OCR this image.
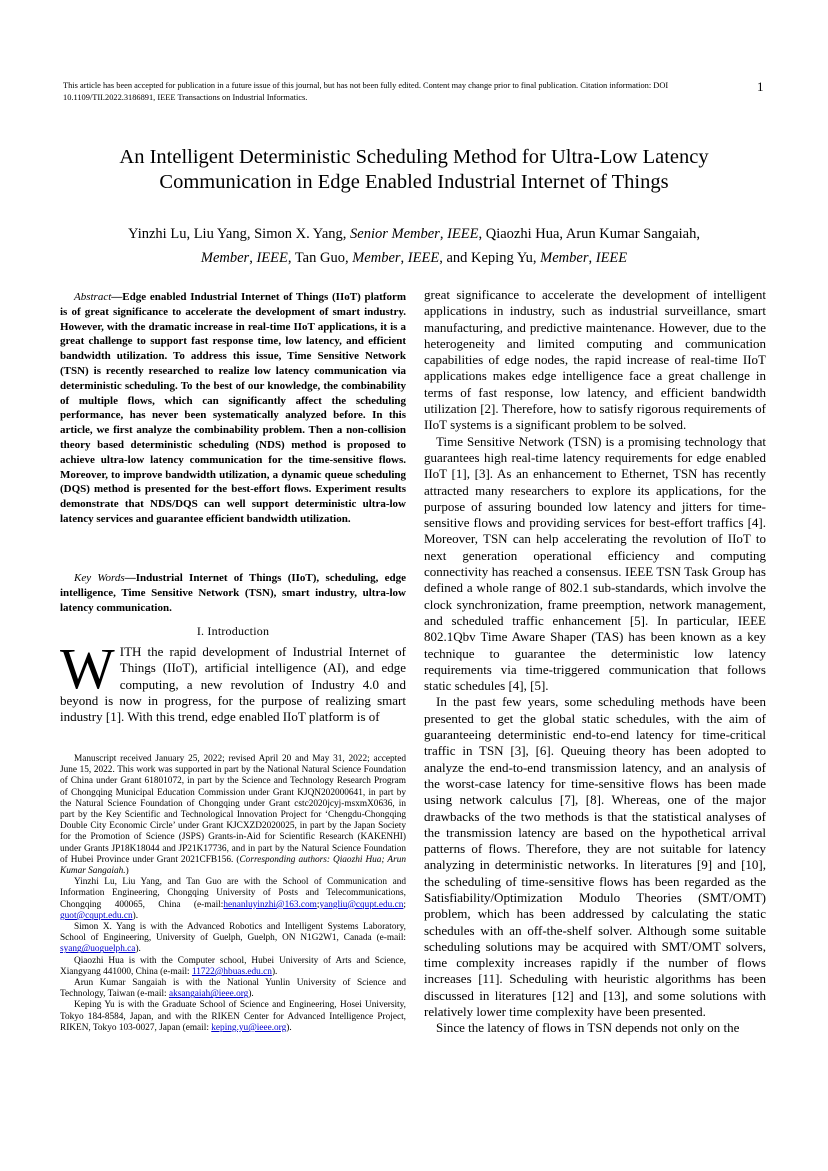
This article has been accepted for publication in a future issue of this journal, but has not been fully edited. Content may change prior to final publication. Citation information: DOI 10.1109/TII.2022.3186891, IEEE Transactions on Industrial Informatics.
1
An Intelligent Deterministic Scheduling Method for Ultra-Low Latency
Communication in Edge Enabled Industrial Internet of Things
Yinzhi Lu, Liu Yang, Simon X. Yang, Senior Member, IEEE, Qiaozhi Hua, Arun Kumar Sangaiah,
Member, IEEE, Tan Guo, Member, IEEE, and Keping Yu, Member, IEEE
Abstract—Edge enabled Industrial Internet of Things (IIoT) platform is of great significance to accelerate the development of smart industry. However, with the dramatic increase in real-time IIoT applications, it is a great challenge to support fast response time, low latency, and efficient bandwidth utilization. To address this issue, Time Sensitive Network (TSN) is recently researched to realize low latency communication via deterministic scheduling. To the best of our knowledge, the combinability of multiple flows, which can significantly affect the scheduling performance, has never been systematically analyzed before. In this article, we first analyze the combinability problem. Then a non-collision theory based deterministic scheduling (NDS) method is proposed to achieve ultra-low latency communication for the time-sensitive flows. Moreover, to improve bandwidth utilization, a dynamic queue scheduling (DQS) method is presented for the best-effort flows. Experiment results demonstrate that NDS/DQS can well support deterministic ultra-low latency services and guarantee efficient bandwidth utilization.
Key Words—Industrial Internet of Things (IIoT), scheduling, edge intelligence, Time Sensitive Network (TSN), smart industry, ultra-low latency communication.
I. Introduction
WITH the rapid development of Industrial Internet of Things (IIoT), artificial intelligence (AI), and edge computing, a new revolution of Industry 4.0 and beyond is now in progress, for the purpose of realizing smart industry [1]. With this trend, edge enabled IIoT platform is of

Manuscript received January 25, 2022; revised April 20 and May 31, 2022; accepted June 15, 2022. This work was supported in part by the National Natural Science Foundation of China under Grant 61801072, in part by the Science and Technology Research Program of Chongqing Municipal Education Commission under Grant KJQN202000641, in part by the Natural Science Foundation of Chongqing under Grant cstc2020jcyj-msxmX0636, in part by the Key Scientific and Technological Innovation Project for ‘Chengdu-Chongqing Double City Economic Circle’ under Grant KJCXZD2020025, in part by the Japan Society for the Promotion of Science (JSPS) Grants-in-Aid for Scientific Research (KAKENHI) under Grants JP18K18044 and JP21K17736, and in part by the Natural Science Foundation of Hubei Province under Grant 2021CFB156. (Corresponding authors: Qiaozhi Hua; Arun Kumar Sangaiah.)

Yinzhi Lu, Liu Yang, and Tan Guo are with the School of Communication and Information Engineering, Chongqing University of Posts and Telecommunications, Chongqing 400065, China (e-mail:henanluyinzhi@163.com;yangliu@cqupt.edu.cn; guot@cqupt.edu.cn).

Simon X. Yang is with the Advanced Robotics and Intelligent Systems Laboratory, School of Engineering, University of Guelph, Guelph, ON N1G2W1, Canada (e-mail: syang@uoguelph.ca).

Qiaozhi Hua is with the Computer school, Hubei University of Arts and Science, Xiangyang 441000, China (e-mail: 11722@hbuas.edu.cn).

Arun Kumar Sangaiah is with the National Yunlin University of Science and Technology, Taiwan (e-mail: aksangaiah@ieee.org).

Keping Yu is with the Graduate School of Science and Engineering, Hosei University, Tokyo 184-8584, Japan, and with the RIKEN Center for Advanced Intelligence Project, RIKEN, Tokyo 103-0027, Japan (email: keping.yu@ieee.org).

great significance to accelerate the development of intelligent applications in industry, such as industrial surveillance, smart manufacturing, and predictive maintenance. However, due to the heterogeneity and limited computing and communication capabilities of edge nodes, the rapid increase of real-time IIoT applications makes edge intelligence face a great challenge in terms of fast response, low latency, and efficient bandwidth utilization [2]. Therefore, how to satisfy rigorous requirements of IIoT systems is a significant problem to be solved.

Time Sensitive Network (TSN) is a promising technology that guarantees high real-time latency requirements for edge enabled IIoT [1], [3]. As an enhancement to Ethernet, TSN has recently attracted many researchers to explore its applications, for the purpose of assuring bounded low latency and jitters for time-sensitive flows and providing services for best-effort traffics [4]. Moreover, TSN can help accelerating the revolution of IIoT to next generation operational efficiency and computing connectivity has reached a consensus. IEEE TSN Task Group has defined a whole range of 802.1 sub-standards, which involve the clock synchronization, frame preemption, network management, and scheduled traffic enhancement [5]. In particular, IEEE 802.1Qbv Time Aware Shaper (TAS) has been known as a key technique to guarantee the deterministic low latency requirements via time-triggered communication that follows static schedules [4], [5].

In the past few years, some scheduling methods have been presented to get the global static schedules, with the aim of guaranteeing deterministic end-to-end latency for time-critical traffic in TSN [3], [6]. Queuing theory has been adopted to analyze the end-to-end transmission latency, and an analysis of the worst-case latency for time-sensitive flows has been made using network calculus [7], [8]. Whereas, one of the major drawbacks of the two methods is that the statistical analyses of the transmission latency are based on the hypothetical arrival patterns of flows. Therefore, they are not suitable for latency analyzing in deterministic networks. In literatures [9] and [10], the scheduling of time-sensitive flows has been regarded as the Satisfiability/Optimization Modulo Theories (SMT/OMT) problem, which has been addressed by calculating the static schedules with an off-the-shelf solver. Although some suitable scheduling solutions may be acquired with SMT/OMT solvers, time complexity increases rapidly if the number of flows increases [11]. Scheduling with heuristic algorithms has been discussed in literatures [12] and [13], and some solutions with relatively lower time complexity have been presented.

Since the latency of flows in TSN depends not only on the
